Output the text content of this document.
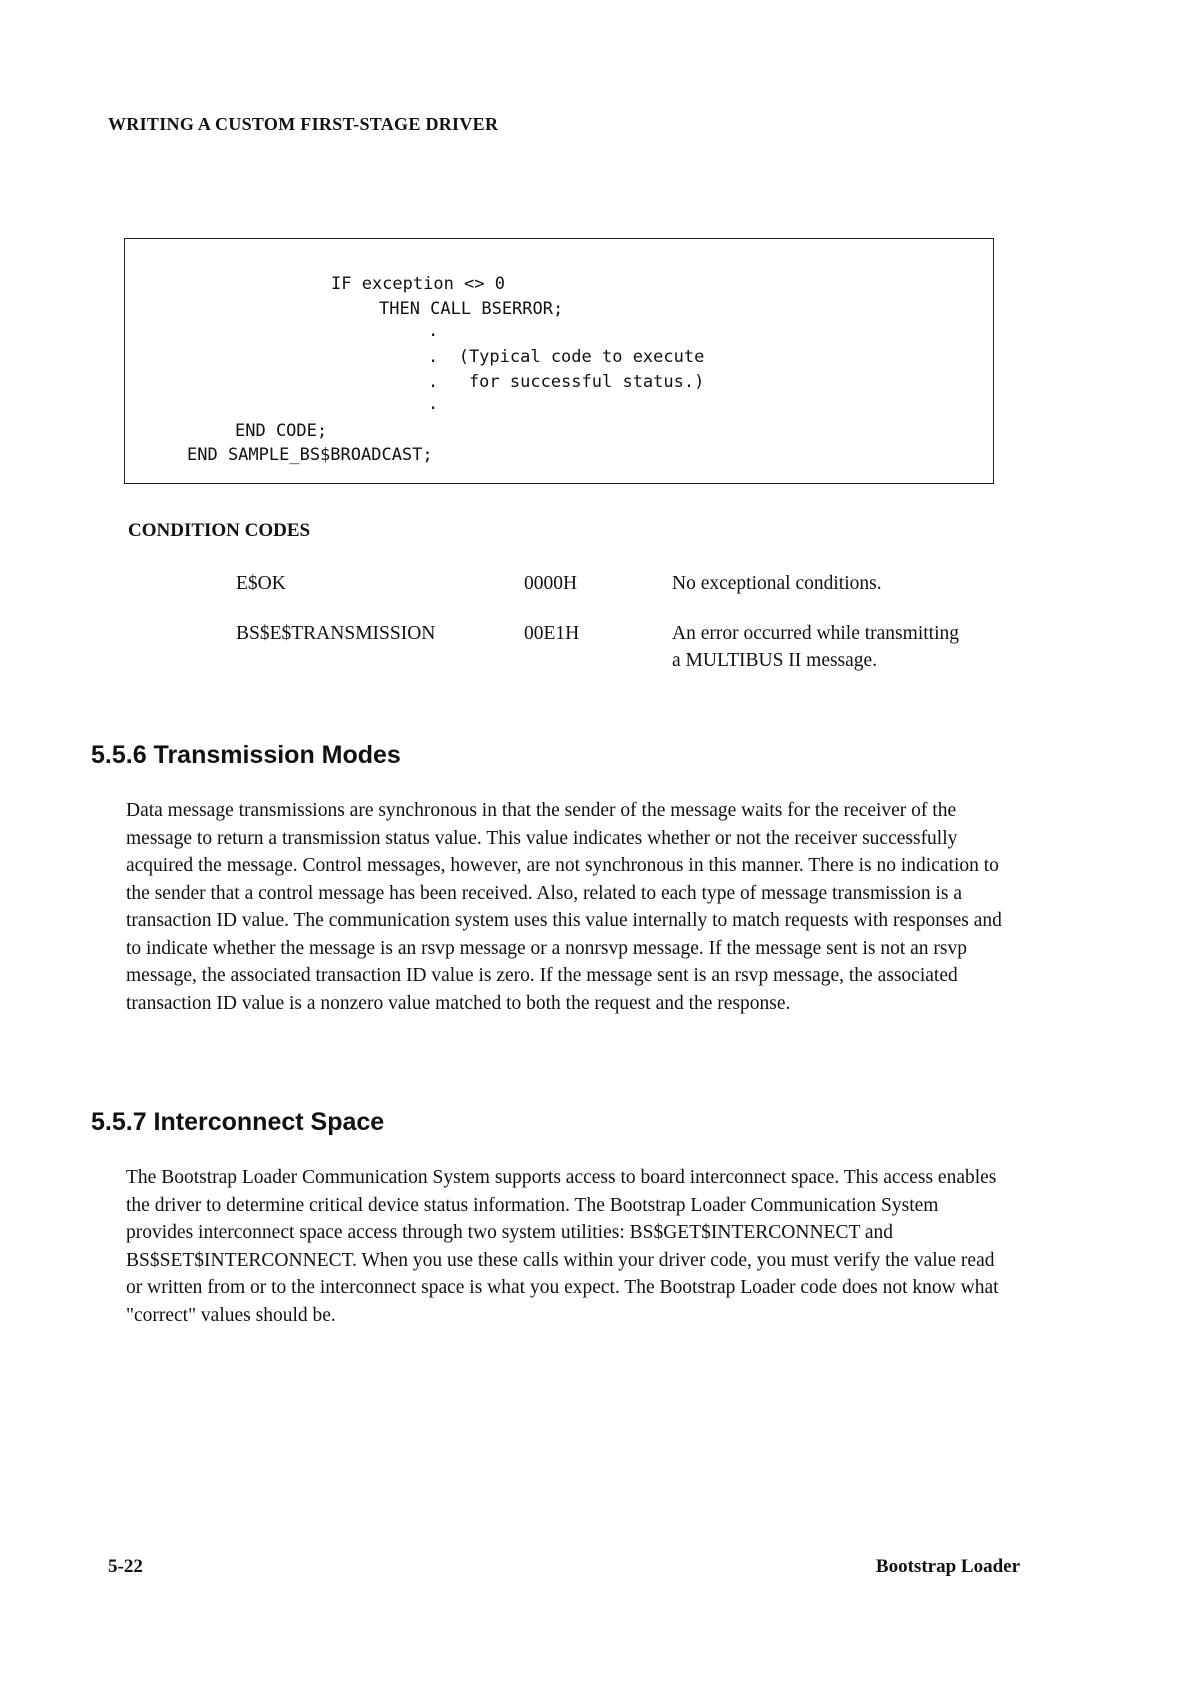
WRITING A CUSTOM FIRST-STAGE DRIVER
IF exception <> 0
THEN CALL BSERROR;
.
.  (Typical code to execute
.   for successful status.)
.
END CODE;
END SAMPLE_BS$BROADCAST;
CONDITION CODES
E$OK	0000H	No exceptional conditions.
BS$E$TRANSMISSION	00E1H	An error occurred while transmitting a MULTIBUS II message.
5.5.6 Transmission Modes
Data message transmissions are synchronous in that the sender of the message waits for the receiver of the message to return a transmission status value. This value indicates whether or not the receiver successfully acquired the message. Control messages, however, are not synchronous in this manner. There is no indication to the sender that a control message has been received. Also, related to each type of message transmission is a transaction ID value. The communication system uses this value internally to match requests with responses and to indicate whether the message is an rsvp message or a nonrsvp message. If the message sent is not an rsvp message, the associated transaction ID value is zero. If the message sent is an rsvp message, the associated transaction ID value is a nonzero value matched to both the request and the response.
5.5.7 Interconnect Space
The Bootstrap Loader Communication System supports access to board interconnect space. This access enables the driver to determine critical device status information. The Bootstrap Loader Communication System provides interconnect space access through two system utilities: BS$GET$INTERCONNECT and BS$SET$INTERCONNECT. When you use these calls within your driver code, you must verify the value read or written from or to the interconnect space is what you expect. The Bootstrap Loader code does not know what "correct" values should be.
5-22	Bootstrap Loader
